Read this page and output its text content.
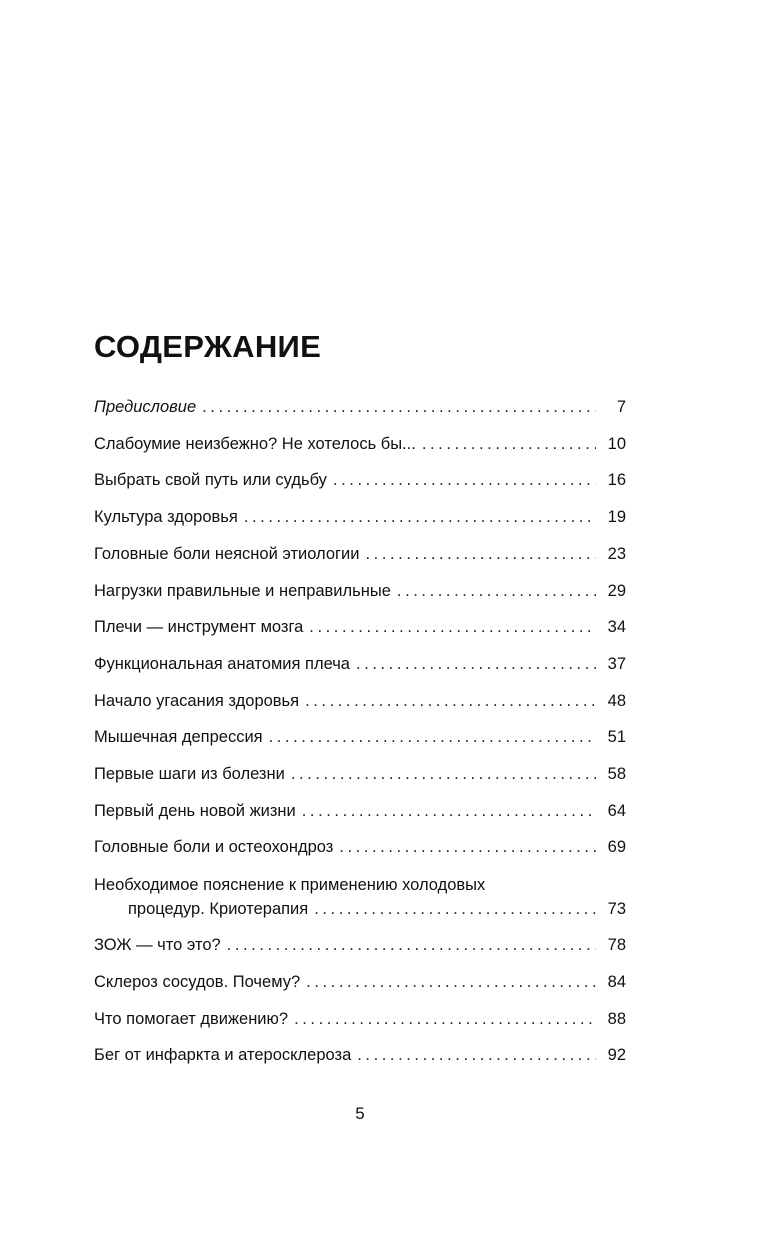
СОДЕРЖАНИЕ
Предисловие . . .	7
Слабоумие неизбежно? Не хотелось бы... . . .	10
Выбрать свой путь или судьбу . . .	16
Культура здоровья . . .	19
Головные боли неясной этиологии . . .	23
Нагрузки правильные и неправильные . . .	29
Плечи — инструмент мозга . . .	34
Функциональная анатомия плеча . . .	37
Начало угасания здоровья . . .	48
Мышечная депрессия . . .	51
Первые шаги из болезни . . .	58
Первый день новой жизни . . .	64
Головные боли и остеохондроз . . .	69
Необходимое пояснение к применению холодовых
процедур. Криотерапия . . .	73
ЗОЖ — что это? . . .	78
Склероз сосудов. Почему? . . .	84
Что помогает движению? . . .	88
Бег от инфаркта и атеросклероза . . .	92
5
